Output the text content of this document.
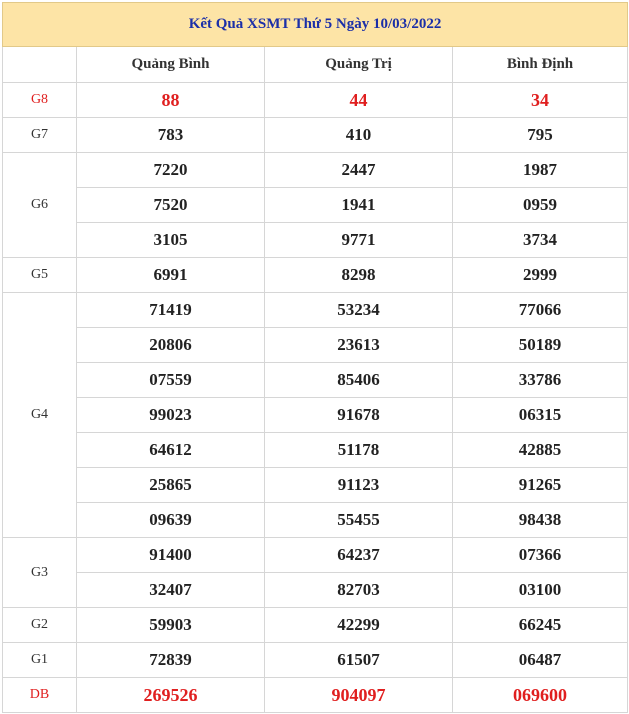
Kết Quả XSMT Thứ 5 Ngày 10/03/2022			
	Quảng Bình	Quảng Trị	Bình Định
G8	88	44	34
G7	783	410	795
G6	7220	2447	1987
	7520	1941	0959
	3105	9771	3734
G5	6991	8298	2999
G4	71419	53234	77066
	20806	23613	50189
	07559	85406	33786
	99023	91678	06315
	64612	51178	42885
	25865	91123	91265
	09639	55455	98438
G3	91400	64237	07366
	32407	82703	03100
G2	59903	42299	66245
G1	72839	61507	06487
DB	269526	904097	069600
